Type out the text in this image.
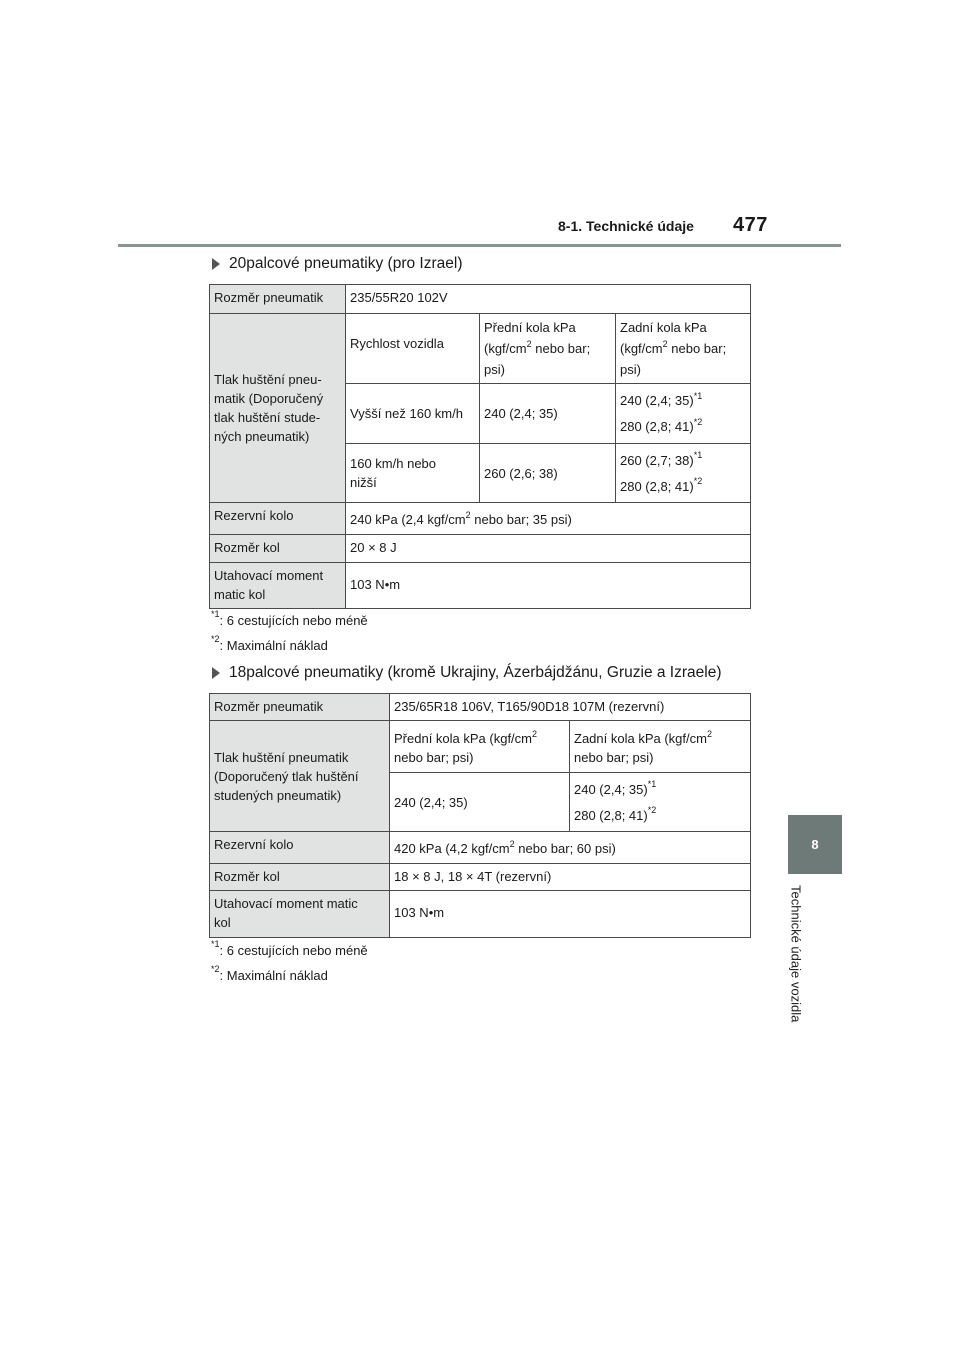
8-1. Technické údaje 477
8
Technické údaje vozidla
20palcové pneumatiky (pro Izrael)
Rozměr pneumatik	235/55R20 102V		

Tlak huštění pneu-
matik (Doporučený
tlak huštění stude-
ných pneumatik)	Rychlost vozidla	Přední kola kPa
($kgf/cm^2$ nebo bar;
psi)	Zadní kola kPa
($kgf/cm^2$ nebo bar;
psi)

	Vyšší než 160 km/h	240 (2,4; 35)	240 (2,4; 35)$^{*1}$
280 (2,8; 41)$^{*2}$

	160 km/h nebo
nižší	260 (2,6; 38)	260 (2,7; 38)$^{*1}$
280 (2,8; 41)$^{*2}$

Rezervní kolo	240 kPa (2,4 kgf/$cm^2$ nebo bar; 35 psi)		
Rozměr kol	20 × 8 J		

Utahovací moment
matic kol	103 N•m		
$^{*1}$: 6 cestujících nebo méně
$^{*2}$: Maximální náklad
18palcové pneumatiky (kromě Ukrajiny, Ázerbájdžánu, Gruzie a Izraele)
Rozměr pneumatik	235/65R18 106V, T165/90D18 107M (rezervní)	

Tlak huštění pneumatik
(Doporučený tlak huštění
studených pneumatik)	Přední kola kPa ($kgf/cm^2$
nebo bar; psi)	Zadní kola kPa ($kgf/cm^2$
nebo bar; psi)

	240 (2,4; 35)	240 (2,4; 35)$^{*1}$
280 (2,8; 41)$^{*2}$

Rezervní kolo	420 kPa (4,2 kgf/$cm^2$ nebo bar; 60 psi)	
Rozměr kol	18 × 8 J, 18 × 4T (rezervní)	

Utahovací moment matic
kol	103 N•m	
$^{*1}$: 6 cestujících nebo méně
$^{*2}$: Maximální náklad
